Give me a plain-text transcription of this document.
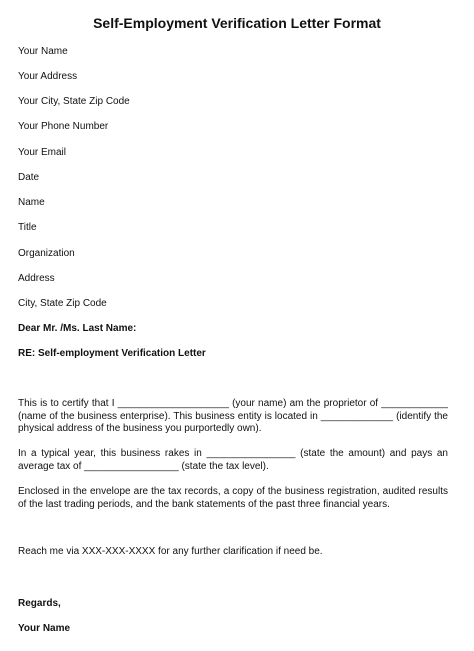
Self-Employment Verification Letter Format
Your Name
Your Address
Your City, State Zip Code
Your Phone Number
Your Email
Date
Name
Title
Organization
Address
City, State Zip Code
Dear Mr. /Ms. Last Name:
RE: Self-employment Verification Letter

This is to certify that I ____________________ (your name) am the proprietor of ____________ (name of the business enterprise). This business entity is located in _____________ (identify the physical address of the business you purportedly own).

In a typical year, this business rakes in ________________ (state the amount) and pays an average tax of _________________ (state the tax level).

Enclosed in the envelope are the tax records, a copy of the business registration, audited results of the last trading periods, and the bank statements of the past three financial years.

Reach me via XXX-XXX-XXXX for any further clarification if need be.

Regards,
Your Name
